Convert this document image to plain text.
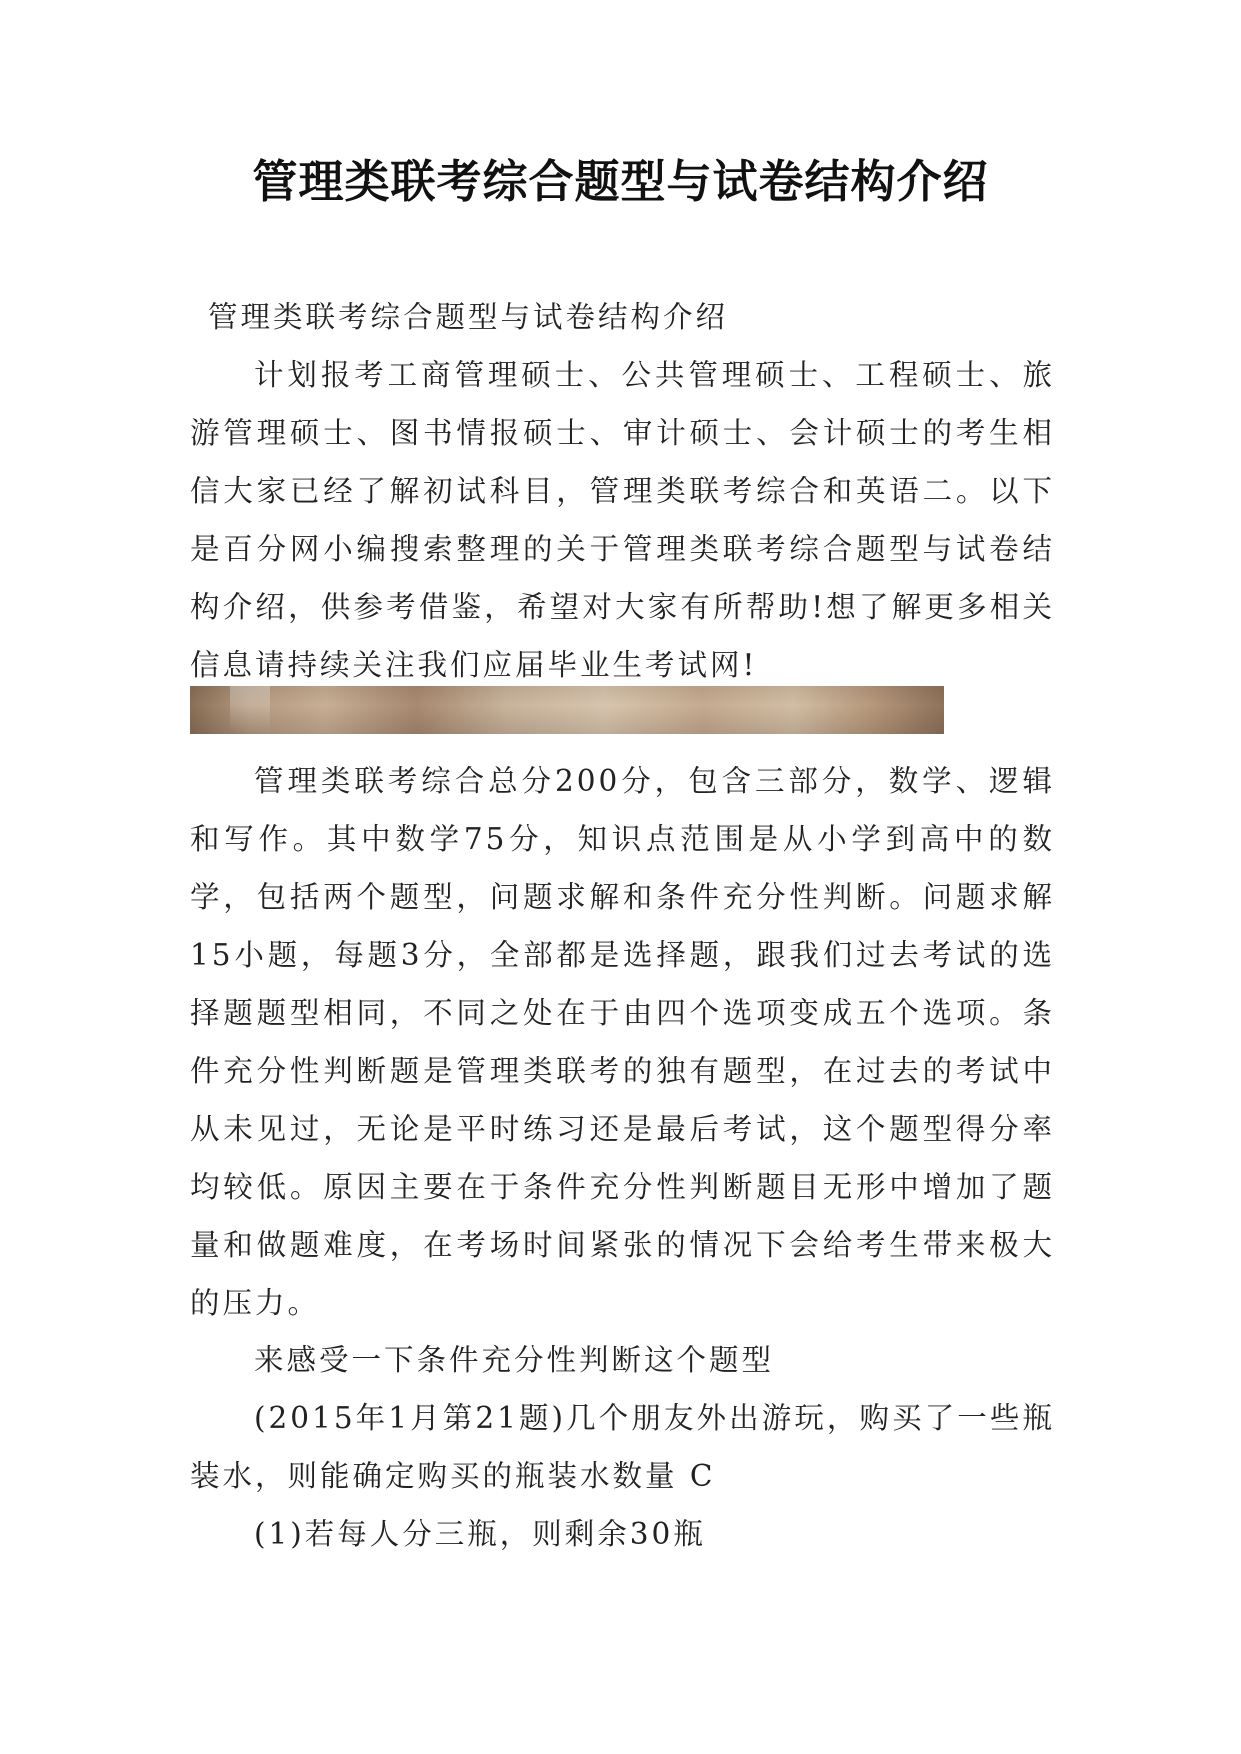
管理类联考综合题型与试卷结构介绍
管理类联考综合题型与试卷结构介绍
计划报考工商管理硕士、公共管理硕士、工程硕士、旅游管理硕士、图书情报硕士、审计硕士、会计硕士的考生相信大家已经了解初试科目，管理类联考综合和英语二。以下是百分网小编搜索整理的关于管理类联考综合题型与试卷结构介绍，供参考借鉴，希望对大家有所帮助!想了解更多相关信息请持续关注我们应届毕业生考试网!
管理类联考综合总分200分，包含三部分，数学、逻辑和写作。其中数学75分，知识点范围是从小学到高中的数学，包括两个题型，问题求解和条件充分性判断。问题求解15小题，每题3分，全部都是选择题，跟我们过去考试的选择题题型相同，不同之处在于由四个选项变成五个选项。条件充分性判断题是管理类联考的独有题型，在过去的考试中从未见过，无论是平时练习还是最后考试，这个题型得分率均较低。原因主要在于条件充分性判断题目无形中增加了题量和做题难度，在考场时间紧张的情况下会给考生带来极大的压力。
来感受一下条件充分性判断这个题型
(2015年1月第21题)几个朋友外出游玩，购买了一些瓶装水，则能确定购买的瓶装水数量 C
(1)若每人分三瓶，则剩余30瓶
